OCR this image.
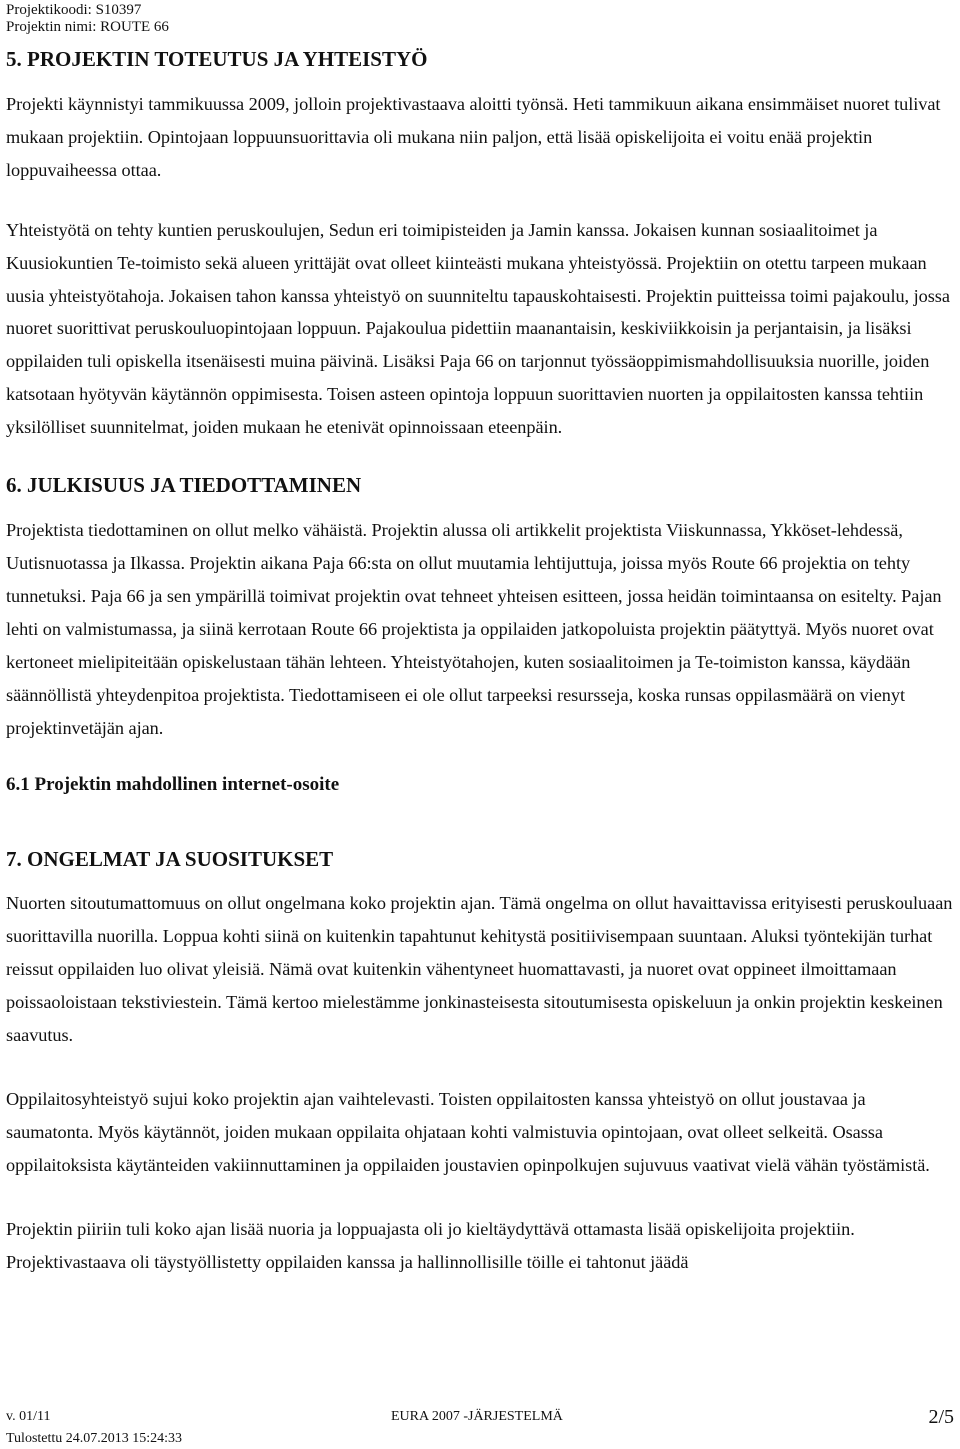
Projektikoodi: S10397
Projektin nimi: ROUTE 66
5. PROJEKTIN TOTEUTUS JA YHTEISTYÖ

Projekti käynnistyi tammikuussa 2009, jolloin projektivastaava aloitti työnsä. Heti tammikuun aikana ensimmäiset nuoret tulivat mukaan projektiin. Opintojaan loppuunsuorittavia oli mukana niin paljon, että lisää opiskelijoita ei voitu enää projektin loppuvaiheessa ottaa.

Yhteistyötä on tehty kuntien peruskoulujen, Sedun eri toimipisteiden ja Jamin kanssa. Jokaisen kunnan sosiaalitoimet ja Kuusiokuntien Te-toimisto sekä alueen yrittäjät ovat olleet kiinteästi mukana yhteistyössä. Projektiin on otettu tarpeen mukaan uusia yhteistyötahoja. Jokaisen tahon kanssa yhteistyö on suunniteltu tapauskohtaisesti. Projektin puitteissa toimi pajakoulu, jossa nuoret suorittivat peruskouluopintojaan loppuun. Pajakoulua pidettiin maanantaisin, keskiviikkoisin ja perjantaisin, ja lisäksi oppilaiden tuli opiskella itsenäisesti muina päivinä. Lisäksi Paja 66 on tarjonnut työssäoppimismahdollisuuksia nuorille, joiden katsotaan hyötyvän käytännön oppimisesta. Toisen asteen opintoja loppuun suorittavien nuorten ja oppilaitosten kanssa tehtiin yksilölliset suunnitelmat, joiden mukaan he etenivät opinnoissaan eteenpäin.

6. JULKISUUS JA TIEDOTTAMINEN

Projektista tiedottaminen on ollut melko vähäistä. Projektin alussa oli artikkelit projektista Viiskunnassa, Ykköset-lehdessä, Uutisnuotassa ja Ilkassa. Projektin aikana Paja 66:sta on ollut muutamia lehtijuttuja, joissa myös Route 66 projektia on tehty tunnetuksi. Paja 66 ja sen ympärillä toimivat projektin ovat tehneet yhteisen esitteen, jossa heidän toimintaansa on esitelty. Pajan lehti on valmistumassa, ja siinä kerrotaan Route 66 projektista ja oppilaiden jatkopoluista projektin päätyttyä. Myös nuoret ovat kertoneet mielipiteitään opiskelustaan tähän lehteen. Yhteistyötahojen, kuten sosiaalitoimen ja Te-toimiston kanssa, käydään säännöllistä yhteydenpitoa projektista. Tiedottamiseen ei ole ollut tarpeeksi resursseja, koska runsas oppilasmäärä on vienyt projektinvetäjän ajan.

6.1 Projektin mahdollinen internet-osoite
7. ONGELMAT JA SUOSITUKSET

Nuorten sitoutumattomuus on ollut ongelmana koko projektin ajan. Tämä ongelma on ollut havaittavissa erityisesti peruskouluaan suorittavilla nuorilla. Loppua kohti siinä on kuitenkin tapahtunut kehitystä positiivisempaan suuntaan. Aluksi työntekijän turhat reissut oppilaiden luo olivat yleisiä. Nämä ovat kuitenkin vähentyneet huomattavasti, ja nuoret ovat oppineet ilmoittamaan poissaoloistaan tekstiviestein. Tämä kertoo mielestämme jonkinasteisesta sitoutumisesta opiskeluun ja onkin projektin keskeinen saavutus.

Oppilaitosyhteistyö sujui koko projektin ajan vaihtelevasti. Toisten oppilaitosten kanssa yhteistyö on ollut joustavaa ja saumatonta. Myös käytännöt, joiden mukaan oppilaita ohjataan kohti valmistuvia opintojaan, ovat olleet selkeitä. Osassa oppilaitoksista käytänteiden vakiinnuttaminen ja oppilaiden joustavien opinpolkujen sujuvuus vaativat vielä vähän työstämistä.

Projektin piiriin tuli koko ajan lisää nuoria ja loppuajasta oli jo kieltäydyttävä ottamasta lisää opiskelijoita projektiin. Projektivastaava oli täystyöllistetty oppilaiden kanssa ja hallinnollisille töille ei tahtonut jäädä

v. 01/11	EURA 2007 -JÄRJESTELMÄ	2/5
Tulostettu 24.07.2013 15:24:33
